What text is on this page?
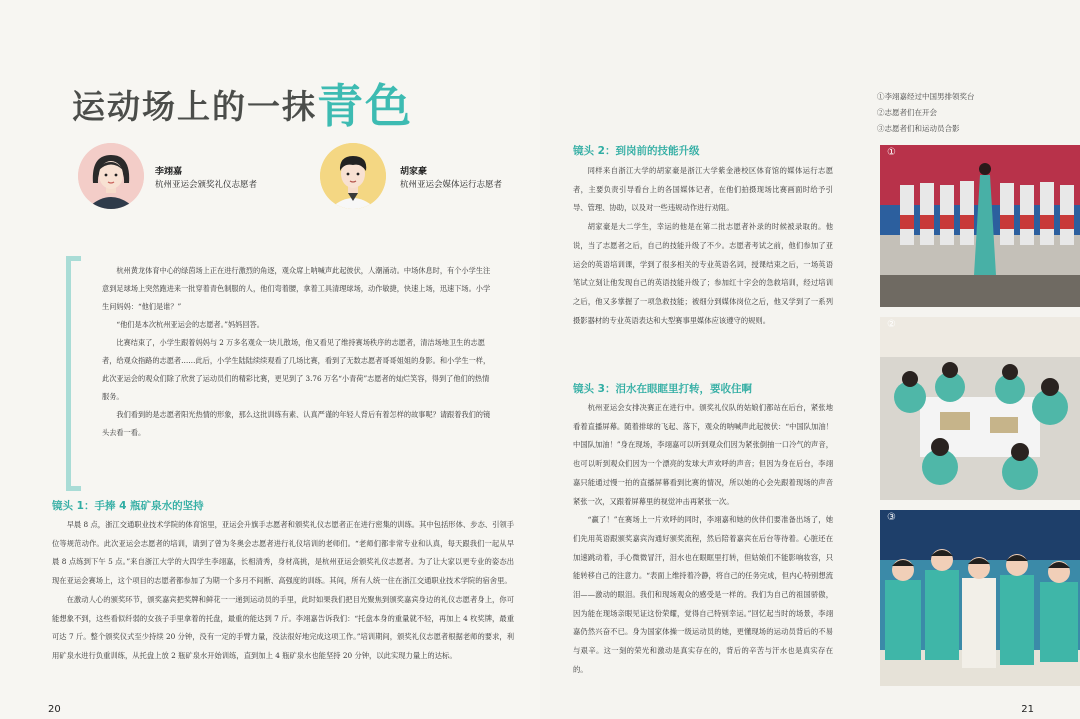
运动场上的一抹青色
李翊嘉
杭州亚运会颁奖礼仪志愿者
胡家豪
杭州亚运会媒体运行志愿者

杭州黄龙体育中心的绿茵场上正在进行激烈的角逐，观众席上呐喊声此起彼伏，人潮涌动。中场休息时，有个小学生注意到足球场上突然跑进来一批穿着青色制服的人，他们弯着腰，拿着工具清理球场，动作敏捷，快速上场，迅速下场。小学生问妈妈：“他们是谁？”

“他们是本次杭州亚运会的志愿者。”妈妈回答。

比赛结束了，小学生跟着妈妈与 2 万多名观众一块儿散场，他又看见了维持赛场秩序的志愿者，清洁场地卫生的志愿者，给观众指路的志愿者……此后，小学生陆陆续续观看了几场比赛，看到了无数志愿者哥哥姐姐的身影。和小学生一样，此次亚运会的观众们除了欣赏了运动员们的精彩比赛，更见到了 3.76 万名“小青荷”志愿者的灿烂笑容，得到了他们的热情服务。

我们看到的是志愿者阳光热情的形象，那么这批训练有素、认真严谨的年轻人背后有着怎样的故事呢？请跟着我们的镜头去看一看。

镜头 1：手捧 4 瓶矿泉水的坚持

早晨 8 点，浙江交通职业技术学院的体育馆里，亚运会升旗手志愿者和颁奖礼仪志愿者正在进行密集的训练。其中包括形体、步态、引领手位等规范动作。此次亚运会志愿者的培训，请到了曾为冬奥会志愿者进行礼仪培训的老师们。“老师们都非常专业和认真，每天跟我们一起从早晨 8 点练到下午 5 点。”来自浙江大学的大四学生李翊嘉，长相清秀，身材高挑，是杭州亚运会颁奖礼仪志愿者。为了让大家以更专业的姿态出现在亚运会赛场上，这个项目的志愿者都参加了为期一个多月不间断、高强度的训练。其间，所有人统一住在浙江交通职业技术学院的宿舍里。

在激动人心的颁奖环节，颁奖嘉宾把奖牌和鲜花一一递到运动员的手里，此时如果我们把目光聚焦到颁奖嘉宾身边的礼仪志愿者身上，你可能想象不到，这些看似纤弱的女孩子手里拿着的托盘，最重的能达到 7 斤。李翊嘉告诉我们：“托盘本身的重量就不轻，再加上 4 枚奖牌，最重可达 7 斤。整个颁奖仪式至少持续 20 分钟，没有一定的手臂力量，没法很好地完成这项工作。”培训期间，颁奖礼仪志愿者根据老师的要求，利用矿泉水进行负重训练，从托盘上放 2 瓶矿泉水开始训练，直到加上 4 瓶矿泉水也能坚持 20 分钟，以此实现力量上的达标。

20	21
镜头 2：到岗前的技能升级

同样来自浙江大学的胡家豪是浙江大学紫金港校区体育馆的媒体运行志愿者，主要负责引导看台上的各国媒体记者，在他们拍摄现场比赛画面时给予引导、管理、协助，以及对一些违规动作进行劝阻。

胡家豪是大二学生，幸运的他是在第二批志愿者补录的时候被录取的。他说，当了志愿者之后，自己的技能升级了不少。志愿者考试之前，他们参加了亚运会的英语培训课，学到了很多相关的专业英语名词，授课结束之后，一场英语笔试立刻让他发现自己的英语技能升级了；参加红十字会的急救培训，经过培训之后，他又多掌握了一项急救技能；被细分到媒体岗位之后，他又学到了一系列摄影器材的专业英语表达和大型赛事里媒体应该遵守的规则。

镜头 3：泪水在眼眶里打转，要收住啊

杭州亚运会女排决赛正在进行中。颁奖礼仪队的姑娘们都站在后台，紧张地看着直播屏幕。随着排球的飞起、落下，观众的呐喊声此起彼伏：“中国队加油！中国队加油！”身在现场，李翊嘉可以听到观众们因为紧张倒抽一口冷气的声音，也可以听到观众们因为一个漂亮的发球大声欢呼的声音；但因为身在后台，李翊嘉只能通过慢一拍的直播屏幕看到比赛的情况，所以她的心会先跟着现场的声音紧张一次，又跟着屏幕里的视觉冲击再紧张一次。

“赢了！”在赛场上一片欢呼的同时，李翊嘉和她的伙伴们要准备出场了，她们先用英语跟颁奖嘉宾沟通好颁奖流程，然后陪着嘉宾在后台等待着。心脏还在加速跳动着，手心微微冒汗，泪水也在眼眶里打转，但姑娘们不能影响妆容，只能转移自己的注意力。“表面上维持着冷静，将自己的任务完成，但内心特别想流泪——激动的眼泪。我们和现场观众的感受是一样的。我们为自己的祖国骄傲，因为能在现场亲眼见证这份荣耀，觉得自己特别幸运。”回忆起当时的场景，李翊嘉仍然兴奋不已。身为国家体操一级运动员的她，更懂现场的运动员背后的不易与艰辛。这一刻的荣光和激动是真实存在的，背后的辛苦与汗水也是真实存在的。

①李翊嘉经过中国男排领奖台
②志愿者们在开会
③志愿者们和运动员合影
①
②
③
